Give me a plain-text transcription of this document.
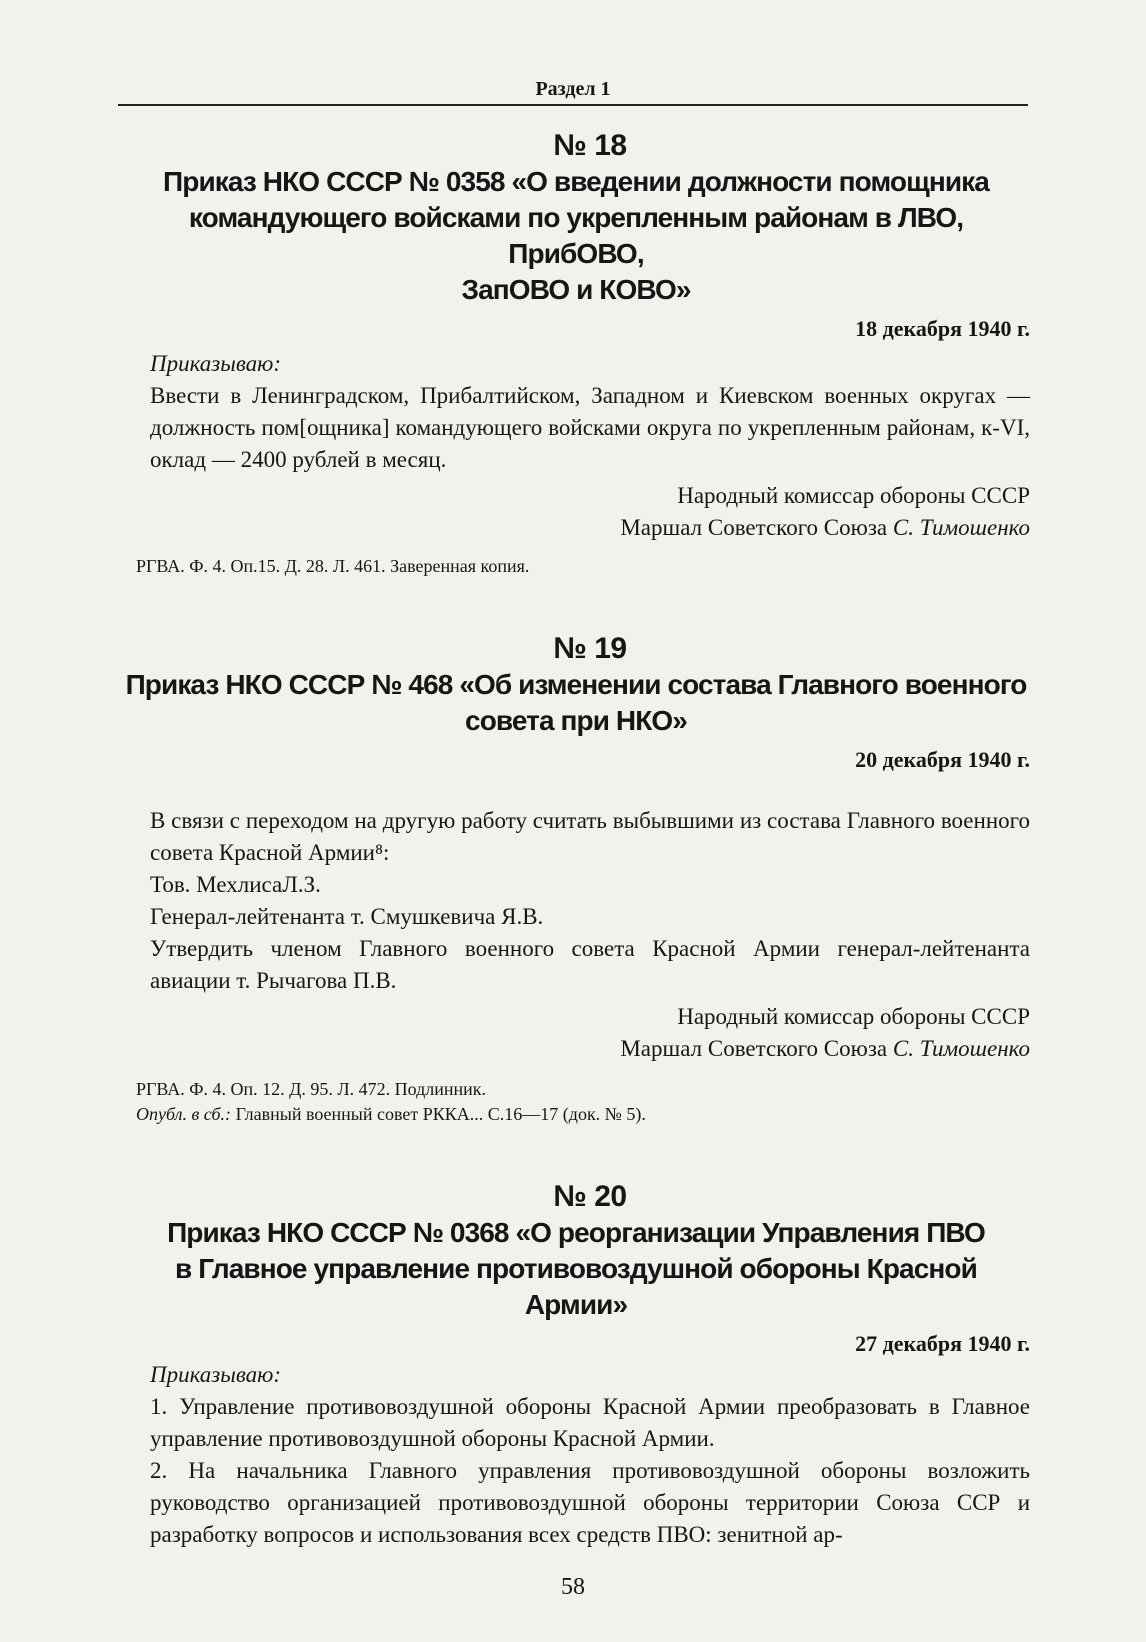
Раздел 1
№ 18
Приказ НКО СССР № 0358 «О введении должности помощника
командующего войсками по укрепленным районам в ЛВО, ПрибОВО,
ЗапОВО и КОВО»
18 декабря 1940 г.
Приказываю:
Ввести в Ленинградском, Прибалтийском, Западном и Киевском военных округах — должность пом[ощника] командующего войсками округа по укрепленным районам, к-VI, оклад — 2400 рублей в месяц.
Народный комиссар обороны СССР
Маршал Советского Союза С. Тимошенко
РГВА. Ф. 4. Оп.15. Д. 28. Л. 461. Заверенная копия.
№ 19
Приказ НКО СССР № 468 «Об изменении состава Главного военного
совета при НКО»
20 декабря 1940 г.
В связи с переходом на другую работу считать выбывшими из состава Главного военного совета Красной Армии⁸:
Тов. МехлисаЛ.З.
Генерал-лейтенанта т. Смушкевича Я.В.
Утвердить членом Главного военного совета Красной Армии генерал-лейтенанта авиации т. Рычагова П.В.
Народный комиссар обороны СССР
Маршал Советского Союза С. Тимошенко
РГВА. Ф. 4. Оп. 12. Д. 95. Л. 472. Подлинник.
Опубл. в сб.: Главный военный совет РККА... С.16—17 (док. № 5).
№ 20
Приказ НКО СССР № 0368 «О реорганизации Управления ПВО
в Главное управление противовоздушной обороны Красной Армии»
27 декабря 1940 г.
Приказываю:
1. Управление противовоздушной обороны Красной Армии преобразовать в Главное управление противовоздушной обороны Красной Армии.
2. На начальника Главного управления противовоздушной обороны возложить руководство организацией противовоздушной обороны территории Союза ССР и разработку вопросов и использования всех средств ПВО: зенитной ар-
58
